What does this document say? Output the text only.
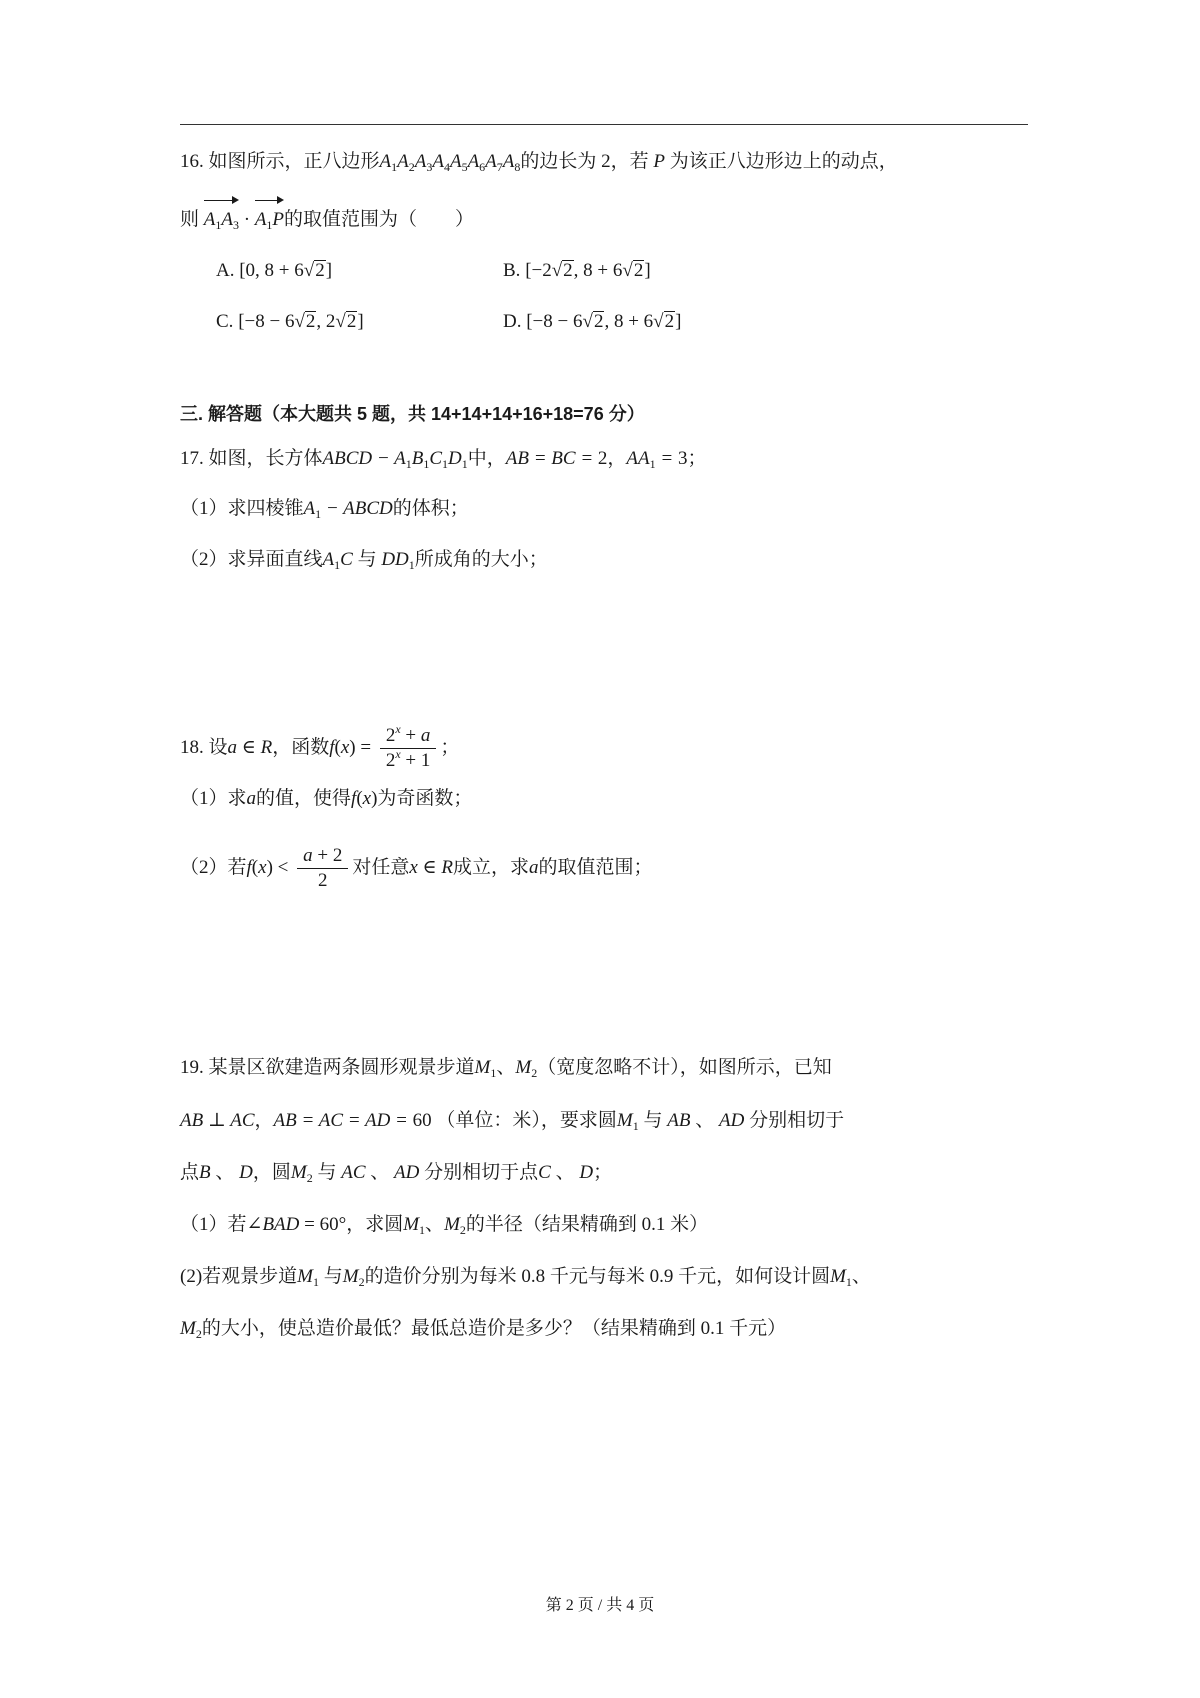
16. 如图所示，正八边形$A_1A_2A_3A_4A_5A_6A_7A_8$的边长为 2，若 P 为该正八边形边上的动点，
则 $A_1A_3 \cdot A_1P$的取值范围为（　　）
A. [0, 8 + 6√2]	B. [−2√2, 8 + 6√2]
C. [−8 − 6√2, 2√2]	D. [−8 − 6√2, 8 + 6√2]
三. 解答题（本大题共 5 题，共 14+14+14+16+18=76 分）
17. 如图，长方体ABCD − $A_1B_1C_1D_1$中，AB = BC = 2，$AA_1 = 3$；
（1）求四棱锥$A_1$ − ABCD的体积；
（2）求异面直线$A_1C$ 与 $DD_1$所成角的大小；
18. 设a ∈ R，函数$f(x) = \frac{2^x + a}{2^x + 1}$ ；
（1）求a的值，使得f(x)为奇函数；
（2）若$f(x) < \frac{a + 2}{2}$ 对任意x ∈ R成立，求a的取值范围；
19. 某景区欲建造两条圆形观景步道$M_1$、$M_2$（宽度忽略不计），如图所示，已知
AB ⊥ AC，AB = AC = AD = 60 （单位：米），要求圆$M_1$ 与 AB 、 AD 分别相切于
点B 、 D，圆$M_2$ 与 AC 、 AD 分别相切于点C 、 D；
（1）若∠BAD = 60°，求圆$M_1$、$M_2$的半径（结果精确到 0.1 米）
(2)若观景步道$M_1$ 与$M_2$的造价分别为每米 0.8 千元与每米 0.9 千元，如何设计圆$M_1$、
$M_2$的大小，使总造价最低？最低总造价是多少？（结果精确到 0.1 千元）
第 2 页 / 共 4 页
